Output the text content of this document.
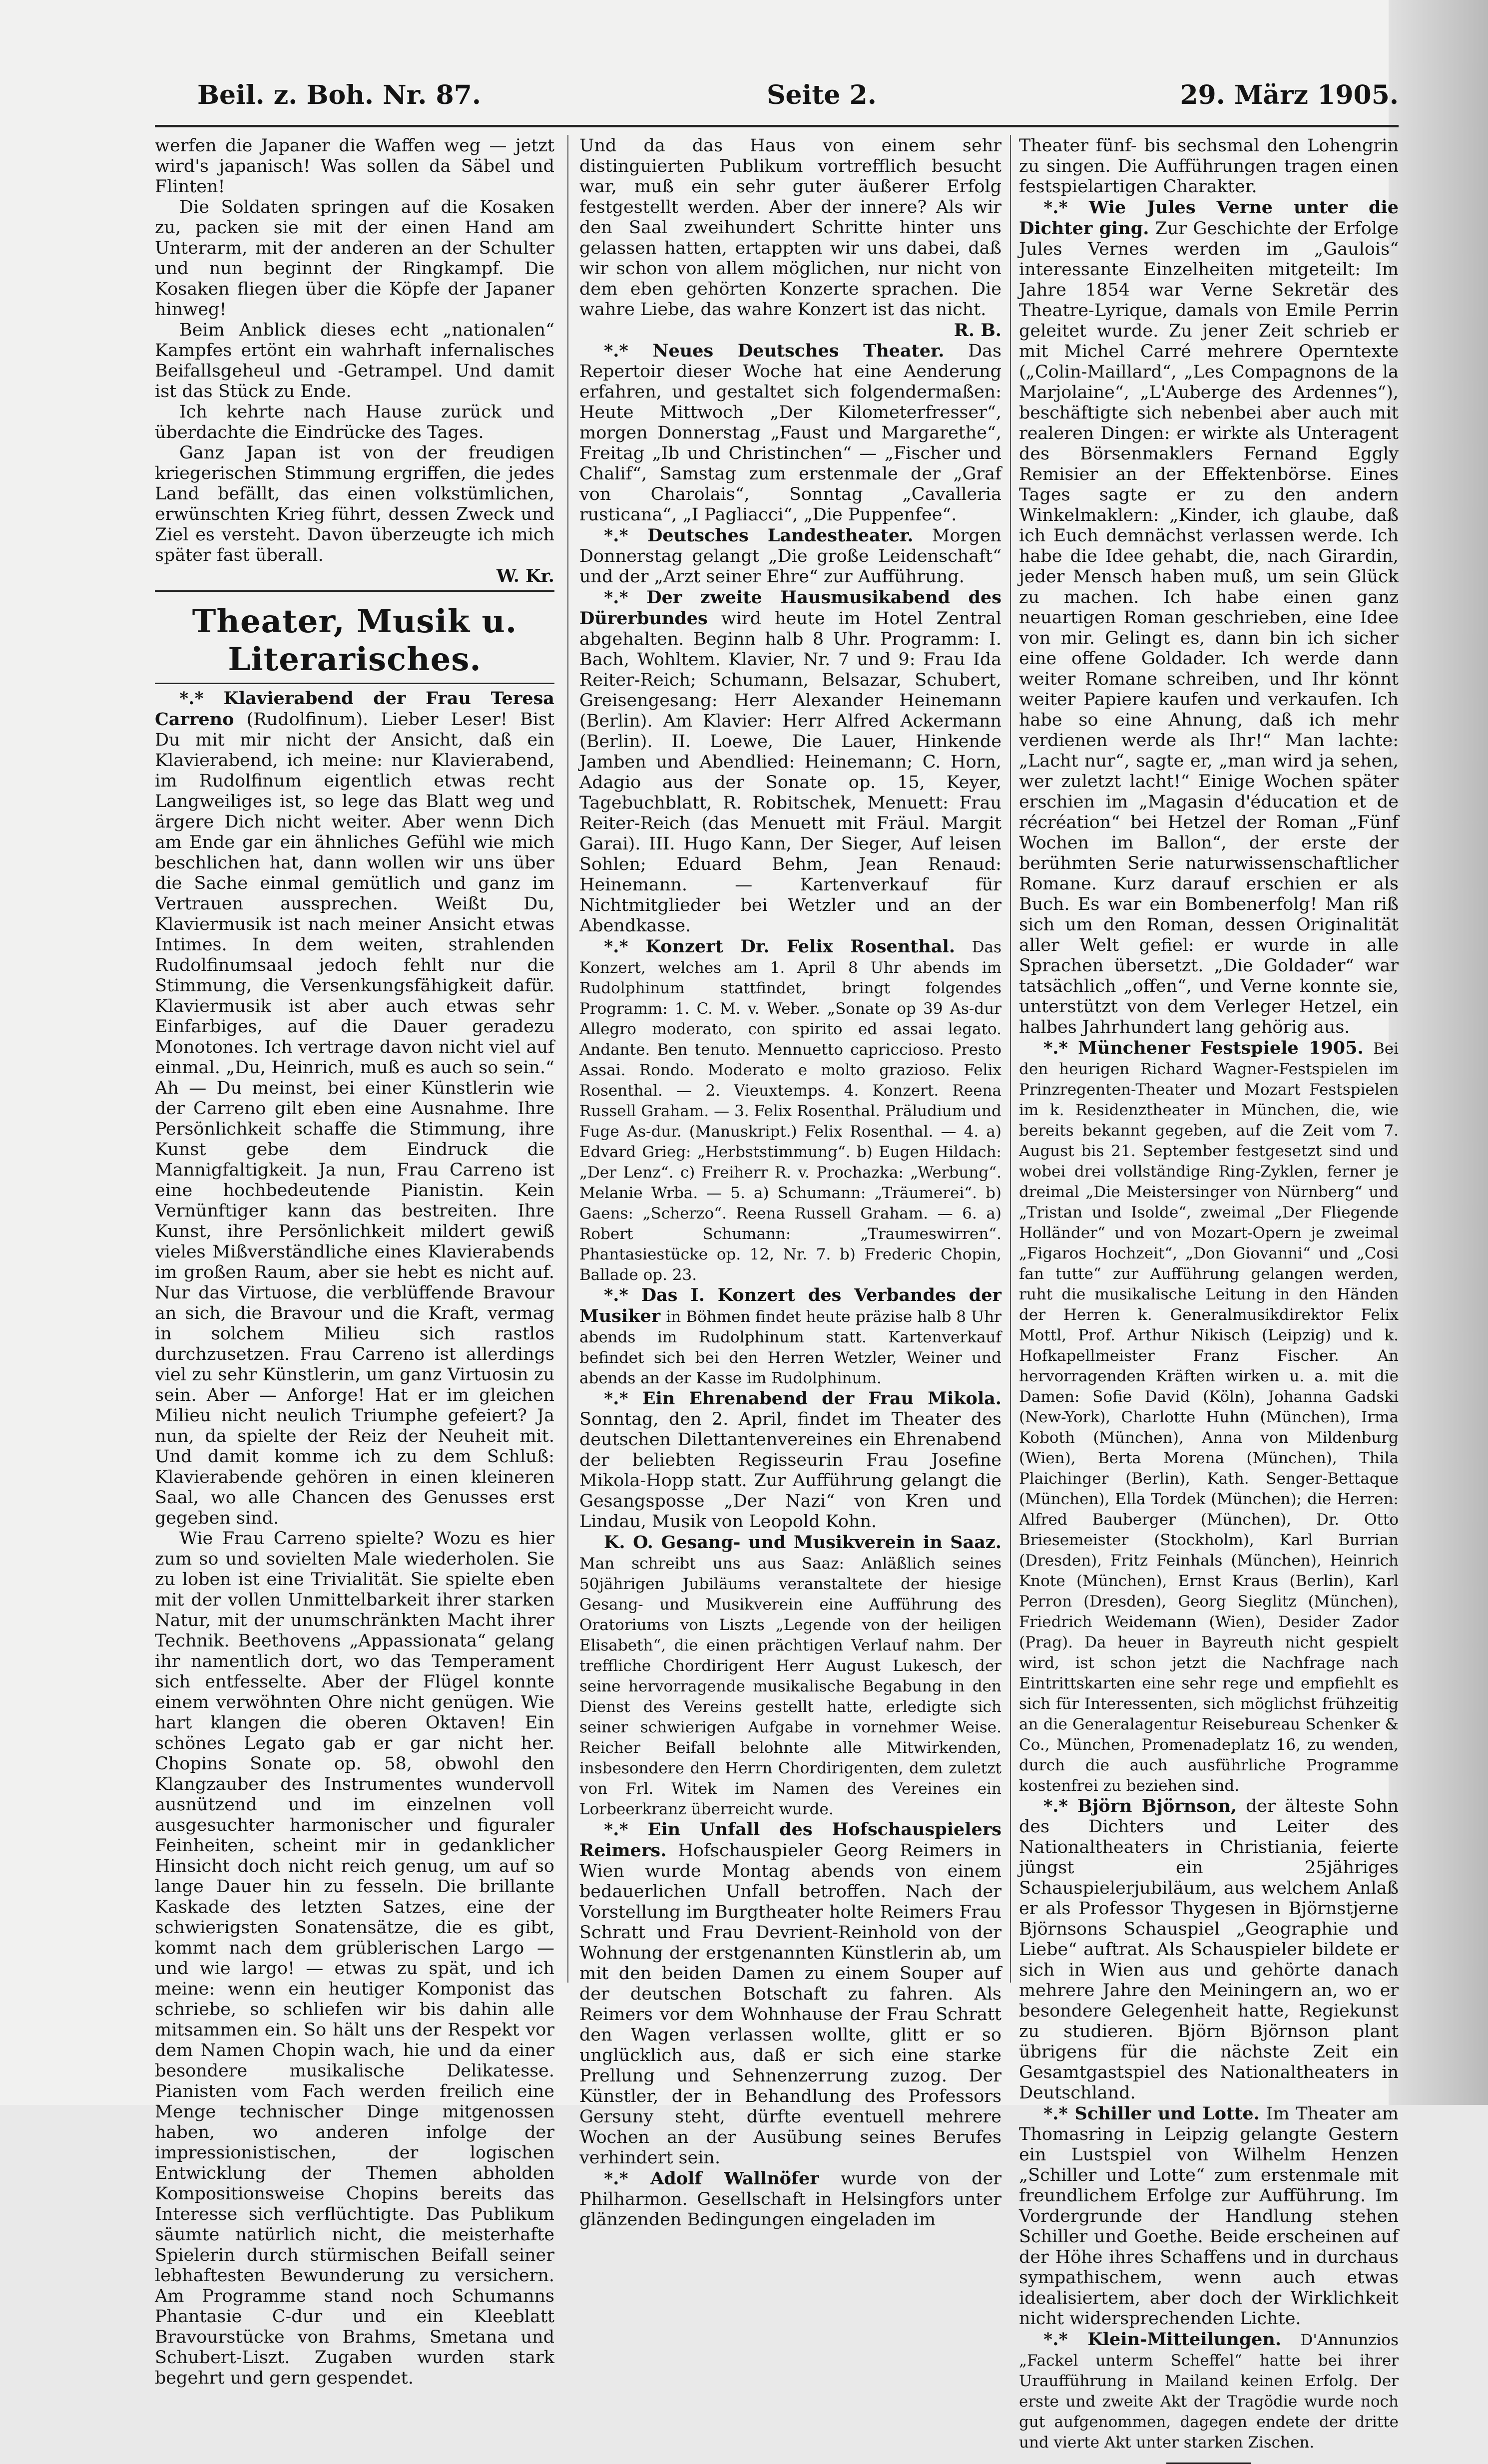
Beil. z. Boh. Nr. 87.	Seite 2.	29. März 1905.

werfen die Japaner die Waffen weg — jetzt wird's japanisch! Was sollen da Säbel und Flinten!

Die Soldaten springen auf die Kosaken zu, packen sie mit der einen Hand am Unterarm, mit der anderen an der Schulter und nun beginnt der Ringkampf. Die Kosaken fliegen über die Köpfe der Japaner hinweg!

Beim Anblick dieses echt „nationalen“ Kampfes ertönt ein wahrhaft infernalisches Beifallsgeheul und -Getrampel. Und damit ist das Stück zu Ende.

Ich kehrte nach Hause zurück und überdachte die Eindrücke des Tages.

Ganz Japan ist von der freudigen kriegerischen Stimmung ergriffen, die jedes Land befällt, das einen volkstümlichen, erwünschten Krieg führt, dessen Zweck und Ziel es versteht. Davon überzeugte ich mich später fast überall.

W. Kr.
Theater, Musik u. Literarisches.

*.* Klavierabend der Frau Teresa Carreno (Rudolfinum). Lieber Leser! Bist Du mit mir nicht der Ansicht, daß ein Klavierabend, ich meine: nur Klavierabend, im Rudolfinum eigentlich etwas recht Langweiliges ist, so lege das Blatt weg und ärgere Dich nicht weiter. Aber wenn Dich am Ende gar ein ähnliches Gefühl wie mich beschlichen hat, dann wollen wir uns über die Sache einmal gemütlich und ganz im Vertrauen aussprechen. Weißt Du, Klaviermusik ist nach meiner Ansicht etwas Intimes. In dem weiten, strahlenden Rudolfinumsaal jedoch fehlt nur die Stimmung, die Versenkungsfähigkeit dafür. Klaviermusik ist aber auch etwas sehr Einfarbiges, auf die Dauer geradezu Monotones. Ich vertrage davon nicht viel auf einmal. „Du, Heinrich, muß es auch so sein.“ Ah — Du meinst, bei einer Künstlerin wie der Carreno gilt eben eine Ausnahme. Ihre Persönlichkeit schaffe die Stimmung, ihre Kunst gebe dem Eindruck die Mannigfaltigkeit. Ja nun, Frau Carreno ist eine hochbedeutende Pianistin. Kein Vernünftiger kann das bestreiten. Ihre Kunst, ihre Persönlichkeit mildert gewiß vieles Mißverständliche eines Klavierabends im großen Raum, aber sie hebt es nicht auf. Nur das Virtuose, die verblüffende Bravour an sich, die Bravour und die Kraft, vermag in solchem Milieu sich rastlos durchzusetzen. Frau Carreno ist allerdings viel zu sehr Künstlerin, um ganz Virtuosin zu sein. Aber — Anforge! Hat er im gleichen Milieu nicht neulich Triumphe gefeiert? Ja nun, da spielte der Reiz der Neuheit mit. Und damit komme ich zu dem Schluß: Klavierabende gehören in einen kleineren Saal, wo alle Chancen des Genusses erst gegeben sind.

Wie Frau Carreno spielte? Wozu es hier zum so und sovielten Male wiederholen. Sie zu loben ist eine Trivialität. Sie spielte eben mit der vollen Unmittelbarkeit ihrer starken Natur, mit der unumschränkten Macht ihrer Technik. Beethovens „Appassionata“ gelang ihr namentlich dort, wo das Temperament sich entfesselte. Aber der Flügel konnte einem verwöhnten Ohre nicht genügen. Wie hart klangen die oberen Oktaven! Ein schönes Legato gab er gar nicht her. Chopins Sonate op. 58, obwohl den Klangzauber des Instrumentes wundervoll ausnützend und im einzelnen voll ausgesuchter harmonischer und figuraler Feinheiten, scheint mir in gedanklicher Hinsicht doch nicht reich genug, um auf so lange Dauer hin zu fesseln. Die brillante Kaskade des letzten Satzes, eine der schwierigsten Sonatensätze, die es gibt, kommt nach dem grüblerischen Largo — und wie largo! — etwas zu spät, und ich meine: wenn ein heutiger Komponist das schriebe, so schliefen wir bis dahin alle mitsammen ein. So hält uns der Respekt vor dem Namen Chopin wach, hie und da einer besondere musikalische Delikatesse. Pianisten vom Fach werden freilich eine Menge technischer Dinge mitgenossen haben, wo anderen infolge der impressionistischen, der logischen Entwicklung der Themen abholden Kompositionsweise Chopins bereits das Interesse sich verflüchtigte. Das Publikum säumte natürlich nicht, die meisterhafte Spielerin durch stürmischen Beifall seiner lebhaftesten Bewunderung zu versichern. Am Programme stand noch Schumanns Phantasie C-dur und ein Kleeblatt Bravourstücke von Brahms, Smetana und Schubert-Liszt. Zugaben wurden stark begehrt und gern gespendet.

Und da das Haus von einem sehr distinguierten Publikum vortrefflich besucht war, muß ein sehr guter äußerer Erfolg festgestellt werden. Aber der innere? Als wir den Saal zweihundert Schritte hinter uns gelassen hatten, ertappten wir uns dabei, daß wir schon von allem möglichen, nur nicht von dem eben gehörten Konzerte sprachen. Die wahre Liebe, das wahre Konzert ist das nicht.

R. B.

*.* Neues Deutsches Theater. Das Repertoir dieser Woche hat eine Aenderung erfahren, und gestaltet sich folgendermaßen: Heute Mittwoch „Der Kilometerfresser“, morgen Donnerstag „Faust und Margarethe“, Freitag „Ib und Christinchen“ — „Fischer und Chalif“, Samstag zum erstenmale der „Graf von Charolais“, Sonntag „Cavalleria rusticana“, „I Pagliacci“, „Die Puppenfee“.

*.* Deutsches Landestheater. Morgen Donnerstag gelangt „Die große Leidenschaft“ und der „Arzt seiner Ehre“ zur Aufführung.

*.* Der zweite Hausmusikabend des Dürerbundes wird heute im Hotel Zentral abgehalten. Beginn halb 8 Uhr. Programm: I. Bach, Wohltem. Klavier, Nr. 7 und 9: Frau Ida Reiter-Reich; Schumann, Belsazar, Schubert, Greisengesang: Herr Alexander Heinemann (Berlin). Am Klavier: Herr Alfred Ackermann (Berlin). II. Loewe, Die Lauer, Hinkende Jamben und Abendlied: Heinemann; C. Horn, Adagio aus der Sonate op. 15, Keyer, Tagebuchblatt, R. Robitschek, Menuett: Frau Reiter-Reich (das Menuett mit Fräul. Margit Garai). III. Hugo Kann, Der Sieger, Auf leisen Sohlen; Eduard Behm, Jean Renaud: Heinemann. — Kartenverkauf für Nichtmitglieder bei Wetzler und an der Abendkasse.

*.* Konzert Dr. Felix Rosenthal. Das Konzert, welches am 1. April 8 Uhr abends im Rudolphinum stattfindet, bringt folgendes Programm: 1. C. M. v. Weber. „Sonate op 39 As-dur Allegro moderato, con spirito ed assai legato. Andante. Ben tenuto. Mennuetto capriccioso. Presto Assai. Rondo. Moderato e molto grazioso. Felix Rosenthal. — 2. Vieuxtemps. 4. Konzert. Reena Russell Graham. — 3. Felix Rosenthal. Präludium und Fuge As-dur. (Manuskript.) Felix Rosenthal. — 4. a) Edvard Grieg: „Herbststimmung“. b) Eugen Hildach: „Der Lenz“. c) Freiherr R. v. Prochazka: „Werbung“. Melanie Wrba. — 5. a) Schumann: „Träumerei“. b) Gaens: „Scherzo“. Reena Russell Graham. — 6. a) Robert Schumann: „Traumeswirren“. Phantasiestücke op. 12, Nr. 7. b) Frederic Chopin, Ballade op. 23.

*.* Das I. Konzert des Verbandes der Musiker in Böhmen findet heute präzise halb 8 Uhr abends im Rudolphinum statt. Kartenverkauf befindet sich bei den Herren Wetzler, Weiner und abends an der Kasse im Rudolphinum.

*.* Ein Ehrenabend der Frau Mikola. Sonntag, den 2. April, findet im Theater des deutschen Dilettantenvereines ein Ehrenabend der beliebten Regisseurin Frau Josefine Mikola-Hopp statt. Zur Aufführung gelangt die Gesangsposse „Der Nazi“ von Kren und Lindau, Musik von Leopold Kohn.

K. O. Gesang- und Musikverein in Saaz. Man schreibt uns aus Saaz: Anläßlich seines 50jährigen Jubiläums veranstaltete der hiesige Gesang- und Musikverein eine Aufführung des Oratoriums von Liszts „Legende von der heiligen Elisabeth“, die einen prächtigen Verlauf nahm. Der treffliche Chordirigent Herr August Lukesch, der seine hervorragende musikalische Begabung in den Dienst des Vereins gestellt hatte, erledigte sich seiner schwierigen Aufgabe in vornehmer Weise. Reicher Beifall belohnte alle Mitwirkenden, insbesondere den Herrn Chordirigenten, dem zuletzt von Frl. Witek im Namen des Vereines ein Lorbeerkranz überreicht wurde.

*.* Ein Unfall des Hofschauspielers Reimers. Hofschauspieler Georg Reimers in Wien wurde Montag abends von einem bedauerlichen Unfall betroffen. Nach der Vorstellung im Burgtheater holte Reimers Frau Schratt und Frau Devrient-Reinhold von der Wohnung der erstgenannten Künstlerin ab, um mit den beiden Damen zu einem Souper auf der deutschen Botschaft zu fahren. Als Reimers vor dem Wohnhause der Frau Schratt den Wagen verlassen wollte, glitt er so unglücklich aus, daß er sich eine starke Prellung und Sehnenzerrung zuzog. Der Künstler, der in Behandlung des Professors Gersuny steht, dürfte eventuell mehrere Wochen an der Ausübung seines Berufes verhindert sein.

*.* Adolf Wallnöfer wurde von der Philharmon. Gesellschaft in Helsingfors unter glänzenden Bedingungen eingeladen im

Theater fünf- bis sechsmal den Lohengrin zu singen. Die Aufführungen tragen einen festspielartigen Charakter.

*.* Wie Jules Verne unter die Dichter ging. Zur Geschichte der Erfolge Jules Vernes werden im „Gaulois“ interessante Einzelheiten mitgeteilt: Im Jahre 1854 war Verne Sekretär des Theatre-Lyrique, damals von Emile Perrin geleitet wurde. Zu jener Zeit schrieb er mit Michel Carré mehrere Operntexte („Colin-Maillard“, „Les Compagnons de la Marjolaine“, „L'Auberge des Ardennes“), beschäftigte sich nebenbei aber auch mit realeren Dingen: er wirkte als Unteragent des Börsenmaklers Fernand Eggly Remisier an der Effektenbörse. Eines Tages sagte er zu den andern Winkelmaklern: „Kinder, ich glaube, daß ich Euch demnächst verlassen werde. Ich habe die Idee gehabt, die, nach Girardin, jeder Mensch haben muß, um sein Glück zu machen. Ich habe einen ganz neuartigen Roman geschrieben, eine Idee von mir. Gelingt es, dann bin ich sicher eine offene Goldader. Ich werde dann weiter Romane schreiben, und Ihr könnt weiter Papiere kaufen und verkaufen. Ich habe so eine Ahnung, daß ich mehr verdienen werde als Ihr!“ Man lachte: „Lacht nur“, sagte er, „man wird ja sehen, wer zuletzt lacht!“ Einige Wochen später erschien im „Magasin d'éducation et de récréation“ bei Hetzel der Roman „Fünf Wochen im Ballon“, der erste der berühmten Serie naturwissenschaftlicher Romane. Kurz darauf erschien er als Buch. Es war ein Bombenerfolg! Man riß sich um den Roman, dessen Originalität aller Welt gefiel: er wurde in alle Sprachen übersetzt. „Die Goldader“ war tatsächlich „offen“, und Verne konnte sie, unterstützt von dem Verleger Hetzel, ein halbes Jahrhundert lang gehörig aus.

*.* Münchener Festspiele 1905. Bei den heurigen Richard Wagner-Festspielen im Prinzregenten-Theater und Mozart Festspielen im k. Residenztheater in München, die, wie bereits bekannt gegeben, auf die Zeit vom 7. August bis 21. September festgesetzt sind und wobei drei vollständige Ring-Zyklen, ferner je dreimal „Die Meistersinger von Nürnberg“ und „Tristan und Isolde“, zweimal „Der Fliegende Holländer“ und von Mozart-Opern je zweimal „Figaros Hochzeit“, „Don Giovanni“ und „Cosi fan tutte“ zur Aufführung gelangen werden, ruht die musikalische Leitung in den Händen der Herren k. Generalmusikdirektor Felix Mottl, Prof. Arthur Nikisch (Leipzig) und k. Hofkapellmeister Franz Fischer. An hervorragenden Kräften wirken u. a. mit die Damen: Sofie David (Köln), Johanna Gadski (New-York), Charlotte Huhn (München), Irma Koboth (München), Anna von Mildenburg (Wien), Berta Morena (München), Thila Plaichinger (Berlin), Kath. Senger-Bettaque (München), Ella Tordek (München); die Herren: Alfred Bauberger (München), Dr. Otto Briesemeister (Stockholm), Karl Burrian (Dresden), Fritz Feinhals (München), Heinrich Knote (München), Ernst Kraus (Berlin), Karl Perron (Dresden), Georg Sieglitz (München), Friedrich Weidemann (Wien), Desider Zador (Prag). Da heuer in Bayreuth nicht gespielt wird, ist schon jetzt die Nachfrage nach Eintrittskarten eine sehr rege und empfiehlt es sich für Interessenten, sich möglichst frühzeitig an die Generalagentur Reisebureau Schenker & Co., München, Promenadeplatz 16, zu wenden, durch die auch ausführliche Programme kostenfrei zu beziehen sind.

*.* Björn Björnson, der älteste Sohn des Dichters und Leiter des Nationaltheaters in Christiania, feierte jüngst ein 25jähriges Schauspielerjubiläum, aus welchem Anlaß er als Professor Thygesen in Björnstjerne Björnsons Schauspiel „Geographie und Liebe“ auftrat. Als Schauspieler bildete er sich in Wien aus und gehörte danach mehrere Jahre den Meiningern an, wo er besondere Gelegenheit hatte, Regiekunst zu studieren. Björn Björnson plant übrigens für die nächste Zeit ein Gesamtgastspiel des Nationaltheaters in Deutschland.

*.* Schiller und Lotte. Im Theater am Thomasring in Leipzig gelangte Gestern ein Lustspiel von Wilhelm Henzen „Schiller und Lotte“ zum erstenmale mit freundlichem Erfolge zur Aufführung. Im Vordergrunde der Handlung stehen Schiller und Goethe. Beide erscheinen auf der Höhe ihres Schaffens und in durchaus sympathischem, wenn auch etwas idealisiertem, aber doch der Wirklichkeit nicht widersprechenden Lichte.

*.* Klein-Mitteilungen. D'Annunzios „Fackel unterm Scheffel“ hatte bei ihrer Uraufführung in Mailand keinen Erfolg. Der erste und zweite Akt der Tragödie wurde noch gut aufgenommen, dagegen endete der dritte und vierte Akt unter starken Zischen.
